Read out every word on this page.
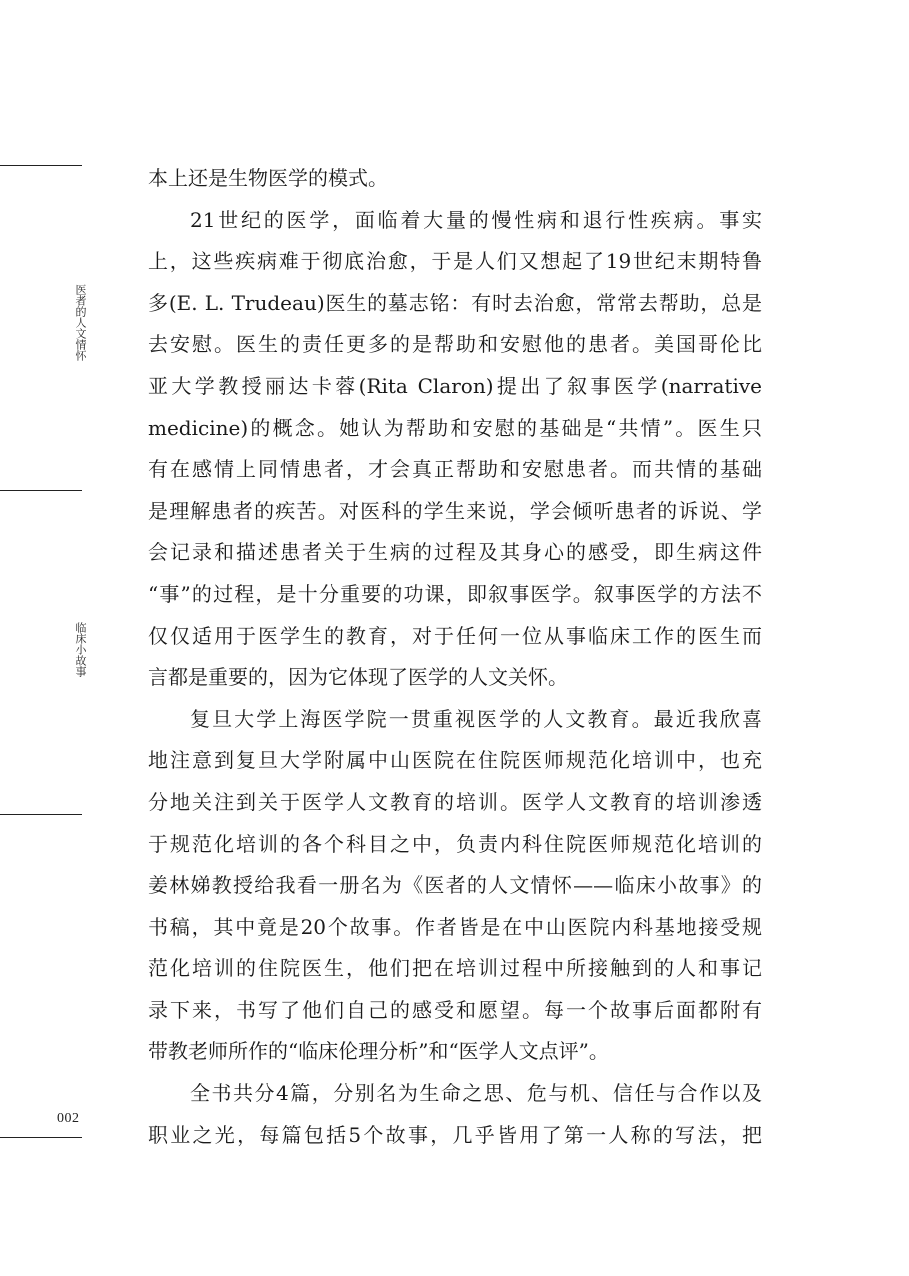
医者的人文情怀
临床小故事
002
本上还是生物医学的模式。
21世纪的医学，面临着大量的慢性病和退行性疾病。事实
上，这些疾病难于彻底治愈，于是人们又想起了19世纪末期特鲁
多(E. L. Trudeau)医生的墓志铭：有时去治愈，常常去帮助，总是
去安慰。医生的责任更多的是帮助和安慰他的患者。美国哥伦比
亚大学教授丽达卡蓉(Rita Claron)提出了叙事医学(narrative
medicine)的概念。她认为帮助和安慰的基础是“共情”。医生只
有在感情上同情患者，才会真正帮助和安慰患者。而共情的基础
是理解患者的疾苦。对医科的学生来说，学会倾听患者的诉说、学
会记录和描述患者关于生病的过程及其身心的感受，即生病这件
“事”的过程，是十分重要的功课，即叙事医学。叙事医学的方法不
仅仅适用于医学生的教育，对于任何一位从事临床工作的医生而
言都是重要的，因为它体现了医学的人文关怀。
复旦大学上海医学院一贯重视医学的人文教育。最近我欣喜
地注意到复旦大学附属中山医院在住院医师规范化培训中，也充
分地关注到关于医学人文教育的培训。医学人文教育的培训渗透
于规范化培训的各个科目之中，负责内科住院医师规范化培训的
姜林娣教授给我看一册名为《医者的人文情怀——临床小故事》的
书稿，其中竟是20个故事。作者皆是在中山医院内科基地接受规
范化培训的住院医生，他们把在培训过程中所接触到的人和事记
录下来，书写了他们自己的感受和愿望。每一个故事后面都附有
带教老师所作的“临床伦理分析”和“医学人文点评”。
全书共分4篇，分别名为生命之思、危与机、信任与合作以及
职业之光，每篇包括5个故事，几乎皆用了第一人称的写法，把
